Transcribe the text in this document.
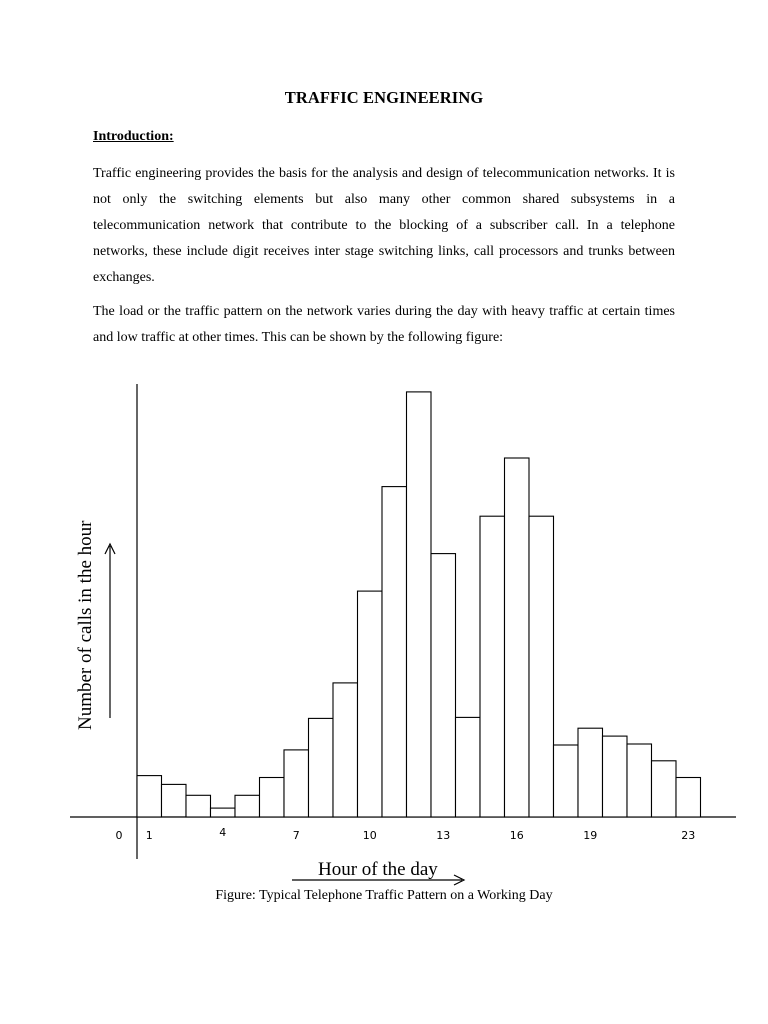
TRAFFIC ENGINEERING
Introduction:

Traffic engineering provides the basis for the analysis and design of telecommunication networks. It is not only the switching elements but also many other common shared subsystems in a telecommunication network that contribute to the blocking of a subscriber call. In a telephone networks, these include digit receives inter stage switching links, call processors and trunks between exchanges.

The load or the traffic pattern on the network varies during the day with heavy traffic at certain times and low traffic at other times. This can be shown by the following figure:

0 1	4	7	10	13	16	19	23
Number of calls in the hour
Hour of the day
Figure: Typical Telephone Traffic Pattern on a Working Day
